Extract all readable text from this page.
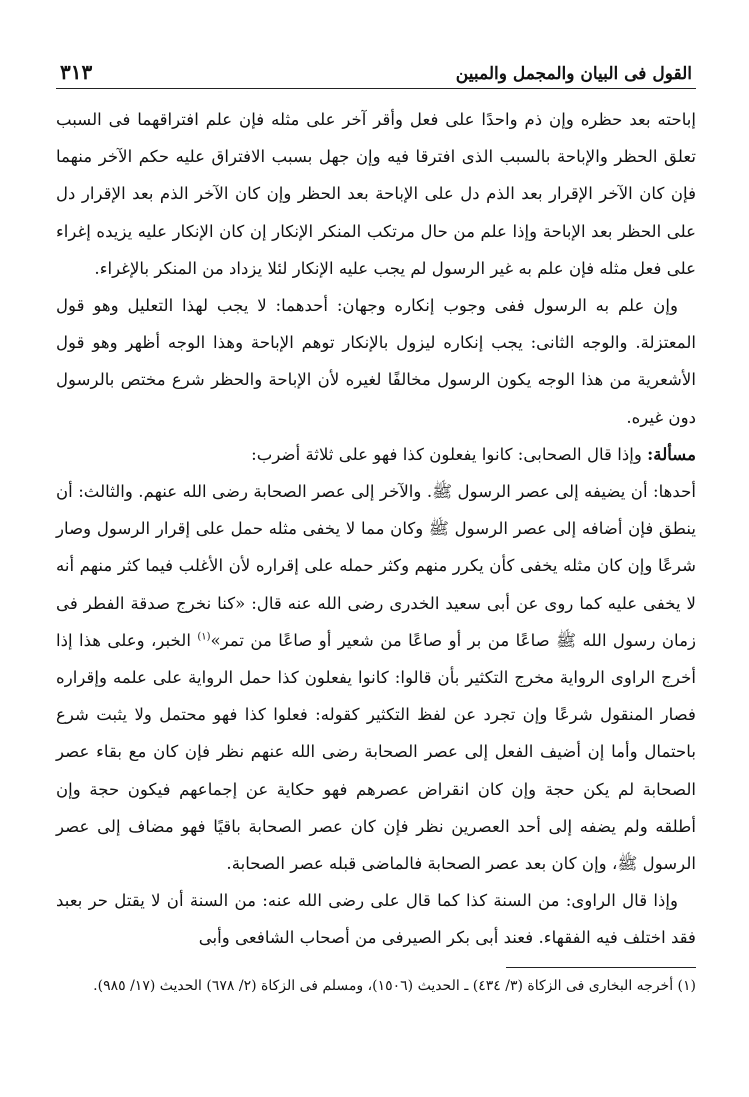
القول فى البيان والمجمل والمبين
٣١٣

إباحته بعد حظره وإن ذم واحدًا على فعل وأقر آخر على مثله فإن علم افتراقهما فى السبب تعلق الحظر والإباحة بالسبب الذى افترقا فيه وإن جهل بسبب الافتراق عليه حكم الآخر منهما فإن كان الآخر الإقرار بعد الذم دل على الإباحة بعد الحظر وإن كان الآخر الذم بعد الإقرار دل على الحظر بعد الإباحة وإذا علم من حال مرتكب المنكر الإنكار إن كان الإنكار عليه يزيده إغراء على فعل مثله فإن علم به غير الرسول لم يجب عليه الإنكار لئلا يزداد من المنكر بالإغراء.

وإن علم به الرسول ففى وجوب إنكاره وجهان: أحدهما: لا يجب لهذا التعليل وهو قول المعتزلة. والوجه الثانى: يجب إنكاره ليزول بالإنكار توهم الإباحة وهذا الوجه أظهر وهو قول الأشعرية من هذا الوجه يكون الرسول مخالفًا لغيره لأن الإباحة والحظر شرع مختص بالرسول دون غيره.

مسألة: وإذا قال الصحابى: كانوا يفعلون كذا فهو على ثلاثة أضرب:

أحدها: أن يضيفه إلى عصر الرسول ﷺ. والآخر إلى عصر الصحابة رضى الله عنهم. والثالث: أن ينطق فإن أضافه إلى عصر الرسول ﷺ وكان مما لا يخفى مثله حمل على إقرار الرسول وصار شرعًا وإن كان مثله يخفى كأن يكرر منهم وكثر حمله على إقراره لأن الأغلب فيما كثر منهم أنه لا يخفى عليه كما روى عن أبى سعيد الخدرى رضى الله عنه قال: «كنا نخرج صدقة الفطر فى زمان رسول الله ﷺ صاعًا من بر أو صاعًا من شعير أو صاعًا من تمر»$^{(١)}$ الخبر، وعلى هذا إذا أخرج الراوى الرواية مخرج التكثير بأن قالوا: كانوا يفعلون كذا حمل الرواية على علمه وإقراره فصار المنقول شرعًا وإن تجرد عن لفظ التكثير كقوله: فعلوا كذا فهو محتمل ولا يثبت شرع باحتمال وأما إن أضيف الفعل إلى عصر الصحابة رضى الله عنهم نظر فإن كان مع بقاء عصر الصحابة لم يكن حجة وإن كان انقراض عصرهم فهو حكاية عن إجماعهم فيكون حجة وإن أطلقه ولم يضفه إلى أحد العصرين نظر فإن كان عصر الصحابة باقيًا فهو مضاف إلى عصر الرسول ﷺ، وإن كان بعد عصر الصحابة فالماضى قبله عصر الصحابة.

وإذا قال الراوى: من السنة كذا كما قال على رضى الله عنه: من السنة أن لا يقتل حر بعبد فقد اختلف فيه الفقهاء. فعند أبى بكر الصيرفى من أصحاب الشافعى وأبى

(١) أخرجه البخارى فى الزكاة (٣/ ٤٣٤) ـ الحديث (١٥٠٦)، ومسلم فى الزكاة (٢/ ٦٧٨) الحديث (١٧/ ٩٨٥).
